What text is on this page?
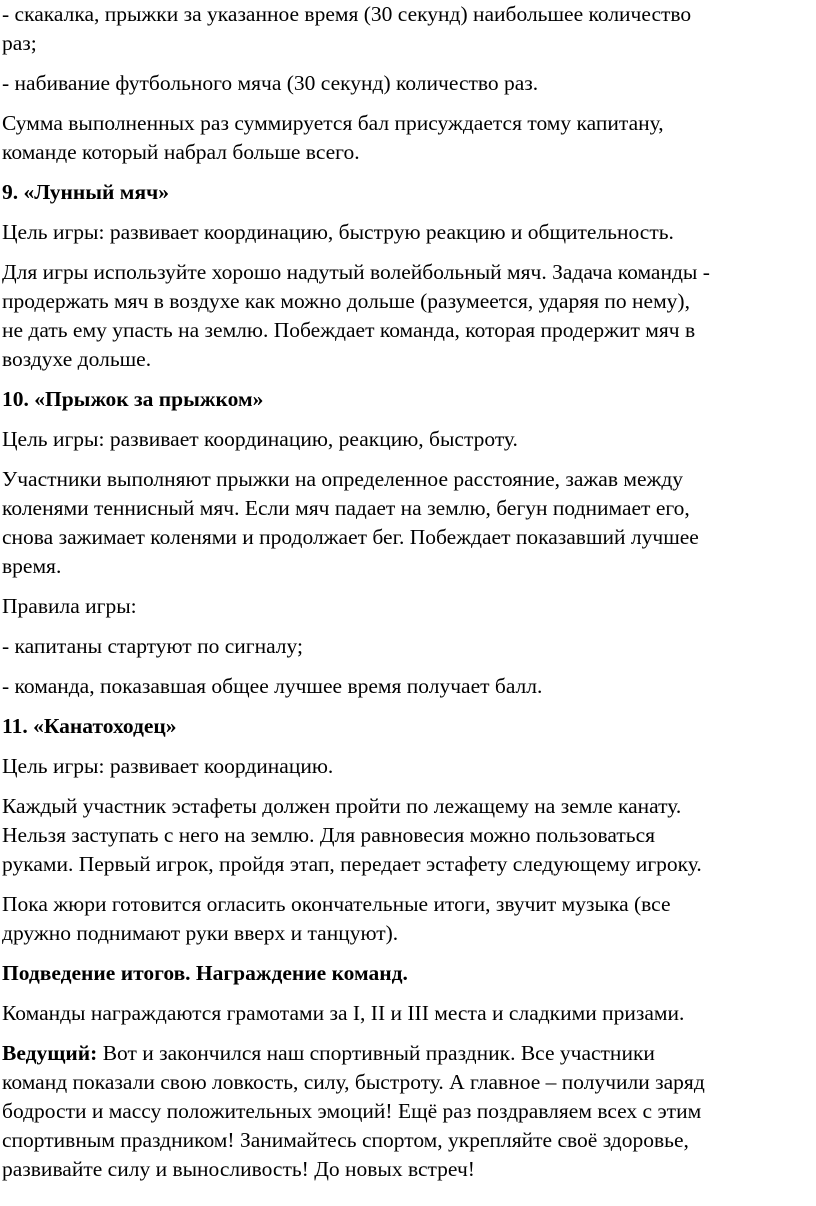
- скакалка, прыжки за указанное время (30 секунд) наибольшее количество
раз;
- набивание футбольного мяча (30 секунд) количество раз.
Сумма выполненных раз суммируется бал присуждается тому капитану,
команде который набрал больше всего.
9. «Лунный мяч»
Цель игры: развивает координацию, быструю реакцию и общительность.
Для игры используйте хорошо надутый волейбольный мяч. Задача команды -
продержать мяч в воздухе как можно дольше (разумеется, ударяя по нему),
не дать ему упасть на землю. Побеждает команда, которая продержит мяч в
воздухе дольше.
10. «Прыжок за прыжком»
Цель игры: развивает координацию, реакцию, быстроту.
Участники выполняют прыжки на определенное расстояние, зажав между
коленями теннисный мяч. Если мяч падает на землю, бегун поднимает его,
снова зажимает коленями и продолжает бег. Побеждает показавший лучшее
время.
Правила игры:
- капитаны стартуют по сигналу;
- команда, показавшая общее лучшее время получает балл.
11. «Канатоходец»
Цель игры: развивает координацию.
Каждый участник эстафеты должен пройти по лежащему на земле канату.
Нельзя заступать с него на землю. Для равновесия можно пользоваться
руками. Первый игрок, пройдя этап, передает эстафету следующему игроку.
Пока жюри готовится огласить окончательные итоги, звучит музыка (все
дружно поднимают руки вверх и танцуют).
Подведение итогов. Награждение команд.
Команды награждаются грамотами за I, II и III места и сладкими призами.
Ведущий: Вот и закончился наш спортивный праздник. Все участники
команд показали свою ловкость, силу, быстроту. А главное – получили заряд
бодрости и массу положительных эмоций! Ещё раз поздравляем всех с этим
спортивным праздником! Занимайтесь спортом, укрепляйте своё здоровье,
развивайте силу и выносливость! До новых встреч!
